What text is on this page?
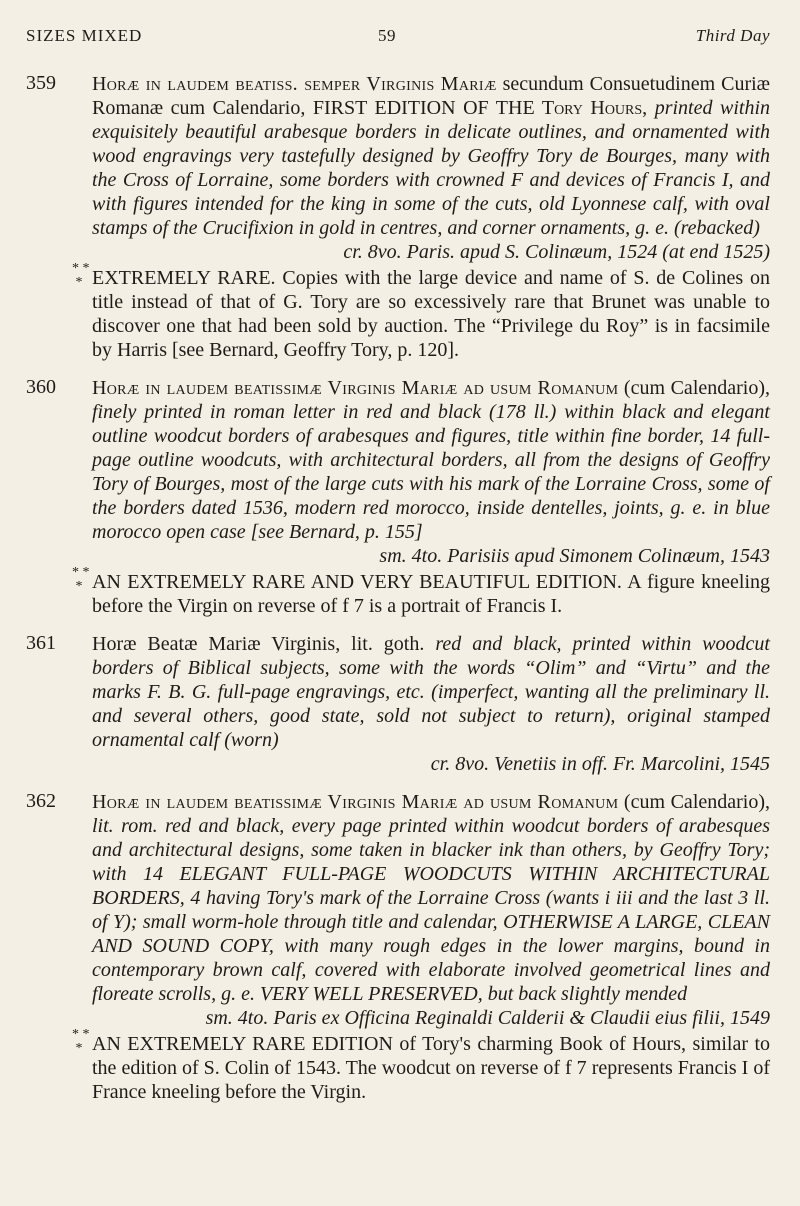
SIZES MIXED	59	Third Day
359 Horæ in laudem beatiss. semper Virginis Mariæ secundum Consuetudinem Curiæ Romanæ cum Calendario, FIRST EDITION OF THE Tory Hours, printed within exquisitely beautiful arabesque borders in delicate outlines, and ornamented with wood engravings very tastefully designed by Geoffry Tory de Bourges, many with the Cross of Lorraine, some borders with crowned F and devices of Francis I, and with figures intended for the king in some of the cuts, old Lyonnese calf, with oval stamps of the Crucifixion in gold in centres, and corner ornaments, g. e. (rebacked)
cr. 8vo. Paris. apud S. Colinæum, 1524 (at end 1525)
* *
* EXTREMELY RARE. Copies with the large device and name of S. de Colines on title instead of that of G. Tory are so excessively rare that Brunet was unable to discover one that had been sold by auction. The “Privilege du Roy” is in facsimile by Harris [see Bernard, Geoffry Tory, p. 120].
360 Horæ in laudem beatissimæ Virginis Mariæ ad usum Romanum (cum Calendario), finely printed in roman letter in red and black (178 ll.) within black and elegant outline woodcut borders of arabesques and figures, title within fine border, 14 full-page outline woodcuts, with architectural borders, all from the designs of Geoffry Tory of Bourges, most of the large cuts with his mark of the Lorraine Cross, some of the borders dated 1536, modern red morocco, inside dentelles, joints, g. e. in blue morocco open case [see Bernard, p. 155]
sm. 4to. Parisiis apud Simonem Colinæum, 1543
* *
* AN EXTREMELY RARE AND VERY BEAUTIFUL EDITION. A figure kneeling before the Virgin on reverse of f 7 is a portrait of Francis I.
361 Horæ Beatæ Mariæ Virginis, lit. goth. red and black, printed within woodcut borders of Biblical subjects, some with the words “Olim” and “Virtu” and the marks F. B. G. full-page engravings, etc. (imperfect, wanting all the preliminary ll. and several others, good state, sold not subject to return), original stamped ornamental calf (worn)
cr. 8vo. Venetiis in off. Fr. Marcolini, 1545
362 Horæ in laudem beatissimæ Virginis Mariæ ad usum Romanum (cum Calendario), lit. rom. red and black, every page printed within woodcut borders of arabesques and architectural designs, some taken in blacker ink than others, by Geoffry Tory; with 14 ELEGANT FULL-PAGE WOODCUTS WITHIN ARCHITECTURAL BORDERS, 4 having Tory's mark of the Lorraine Cross (wants i iii and the last 3 ll. of Y); small worm-hole through title and calendar, OTHERWISE A LARGE, CLEAN AND SOUND COPY, with many rough edges in the lower margins, bound in contemporary brown calf, covered with elaborate involved geometrical lines and floreate scrolls, g. e. VERY WELL PRESERVED, but back slightly mended
sm. 4to. Paris ex Officina Reginaldi Calderii & Claudii eius filii, 1549
* *
* AN EXTREMELY RARE EDITION of Tory's charming Book of Hours, similar to the edition of S. Colin of 1543. The woodcut on reverse of f 7 represents Francis I of France kneeling before the Virgin.
